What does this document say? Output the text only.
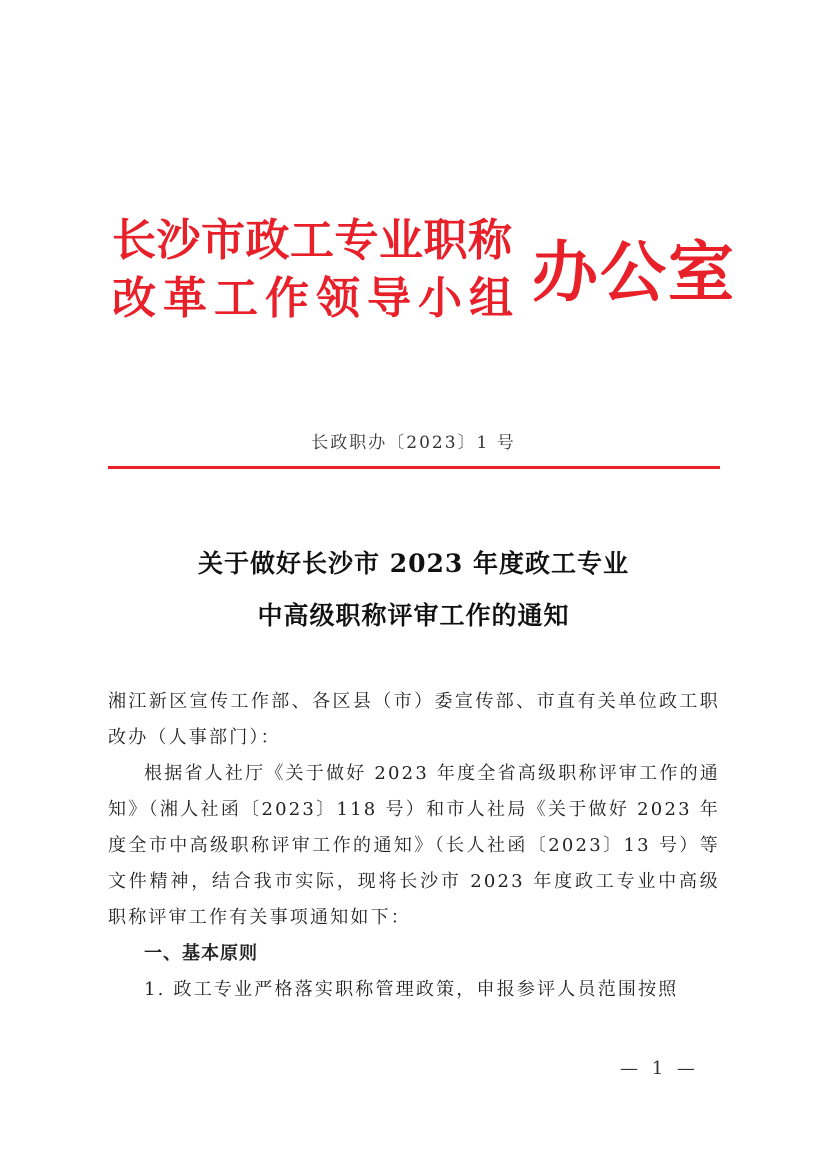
长沙市政工专业职称
改革工作领导小组 办公室
长政职办〔2023〕1 号
关于做好长沙市 2023 年度政工专业
中高级职称评审工作的通知

湘江新区宣传工作部、各区县（市）委宣传部、市直有关单位政工职改办（人事部门）：

根据省人社厅《关于做好 2023 年度全省高级职称评审工作的通知》（湘人社函〔2023〕118 号）和市人社局《关于做好 2023 年度全市中高级职称评审工作的通知》（长人社函〔2023〕13 号）等文件精神，结合我市实际，现将长沙市 2023 年度政工专业中高级职称评审工作有关事项通知如下：

一、基本原则

1. 政工专业严格落实职称管理政策，申报参评人员范围按照

— 1 —
